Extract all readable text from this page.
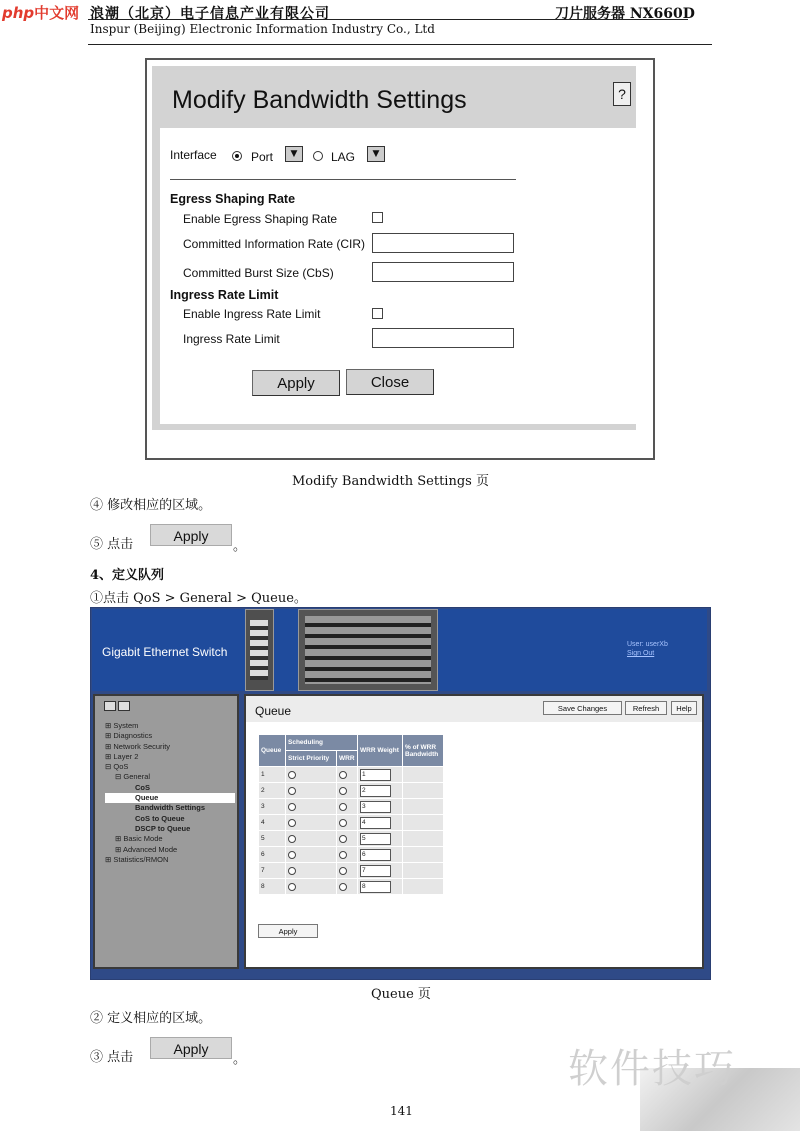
php中文网 浪潮（北京）电子信息产业有限公司	刀片服务器 NX660D
Inspur (Beijing) Electronic Information Industry Co., Ltd
Modify Bandwidth Settings	?
Interface	Port	▼	LAG	▼
Egress Shaping Rate
Enable Egress Shaping Rate
Committed Information Rate (CIR)
Committed Burst Size (CbS)
Ingress Rate Limit
Enable Ingress Rate Limit
Ingress Rate Limit
Apply	Close
Modify Bandwidth Settings 页
④ 修改相应的区域。
⑤ 点击
Apply
。
4、定义队列
①点击 QoS > General > Queue。
Gigabit Ethernet Switch
User: userXb
Sign Out
⊞ System
⊞ Diagnostics
⊞ Network Security
⊞ Layer 2
⊟ QoS
⊟ General
CoS
Queue
Bandwidth Settings
CoS to Queue
DSCP to Queue
⊞ Basic Mode
⊞ Advanced Mode
⊞ Statistics/RMON
Queue	Save Changes	Refresh	Help
Queue	Scheduling		WRR Weight	% of WRR Bandwidth
	Strict Priority	WRR		
1			1	
2			2	
3			3	
4			4	
5			5	
6			6	
7			7	
8			8	
Apply
Queue 页
② 定义相应的区域。
③ 点击
Apply
。	软件技巧
141
